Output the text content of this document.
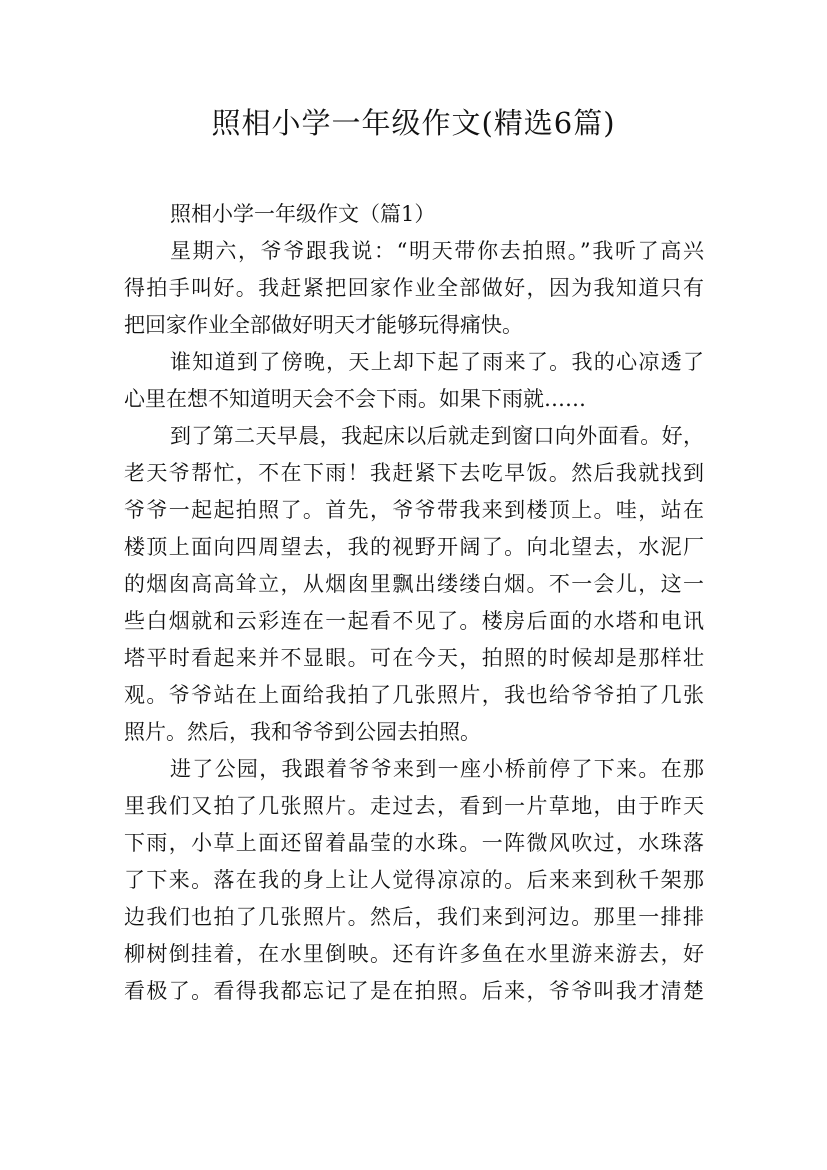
照相小学一年级作文(精选6篇)
照相小学一年级作文（篇1）
星期六，爷爷跟我说：“明天带你去拍照。”我听了高兴
得拍手叫好。我赶紧把回家作业全部做好，因为我知道只有
把回家作业全部做好明天才能够玩得痛快。
谁知道到了傍晚，天上却下起了雨来了。我的心凉透了
心里在想不知道明天会不会下雨。如果下雨就……
到了第二天早晨，我起床以后就走到窗口向外面看。好，
老天爷帮忙，不在下雨！我赶紧下去吃早饭。然后我就找到
爷爷一起起拍照了。首先，爷爷带我来到楼顶上。哇，站在
楼顶上面向四周望去，我的视野开阔了。向北望去，水泥厂
的烟囱高高耸立，从烟囱里飘出缕缕白烟。不一会儿，这一
些白烟就和云彩连在一起看不见了。楼房后面的水塔和电讯
塔平时看起来并不显眼。可在今天，拍照的时候却是那样壮
观。爷爷站在上面给我拍了几张照片，我也给爷爷拍了几张
照片。然后，我和爷爷到公园去拍照。
进了公园，我跟着爷爷来到一座小桥前停了下来。在那
里我们又拍了几张照片。走过去，看到一片草地，由于昨天
下雨，小草上面还留着晶莹的水珠。一阵微风吹过，水珠落
了下来。落在我的身上让人觉得凉凉的。后来来到秋千架那
边我们也拍了几张照片。然后，我们来到河边。那里一排排
柳树倒挂着，在水里倒映。还有许多鱼在水里游来游去，好
看极了。看得我都忘记了是在拍照。后来，爷爷叫我才清楚
